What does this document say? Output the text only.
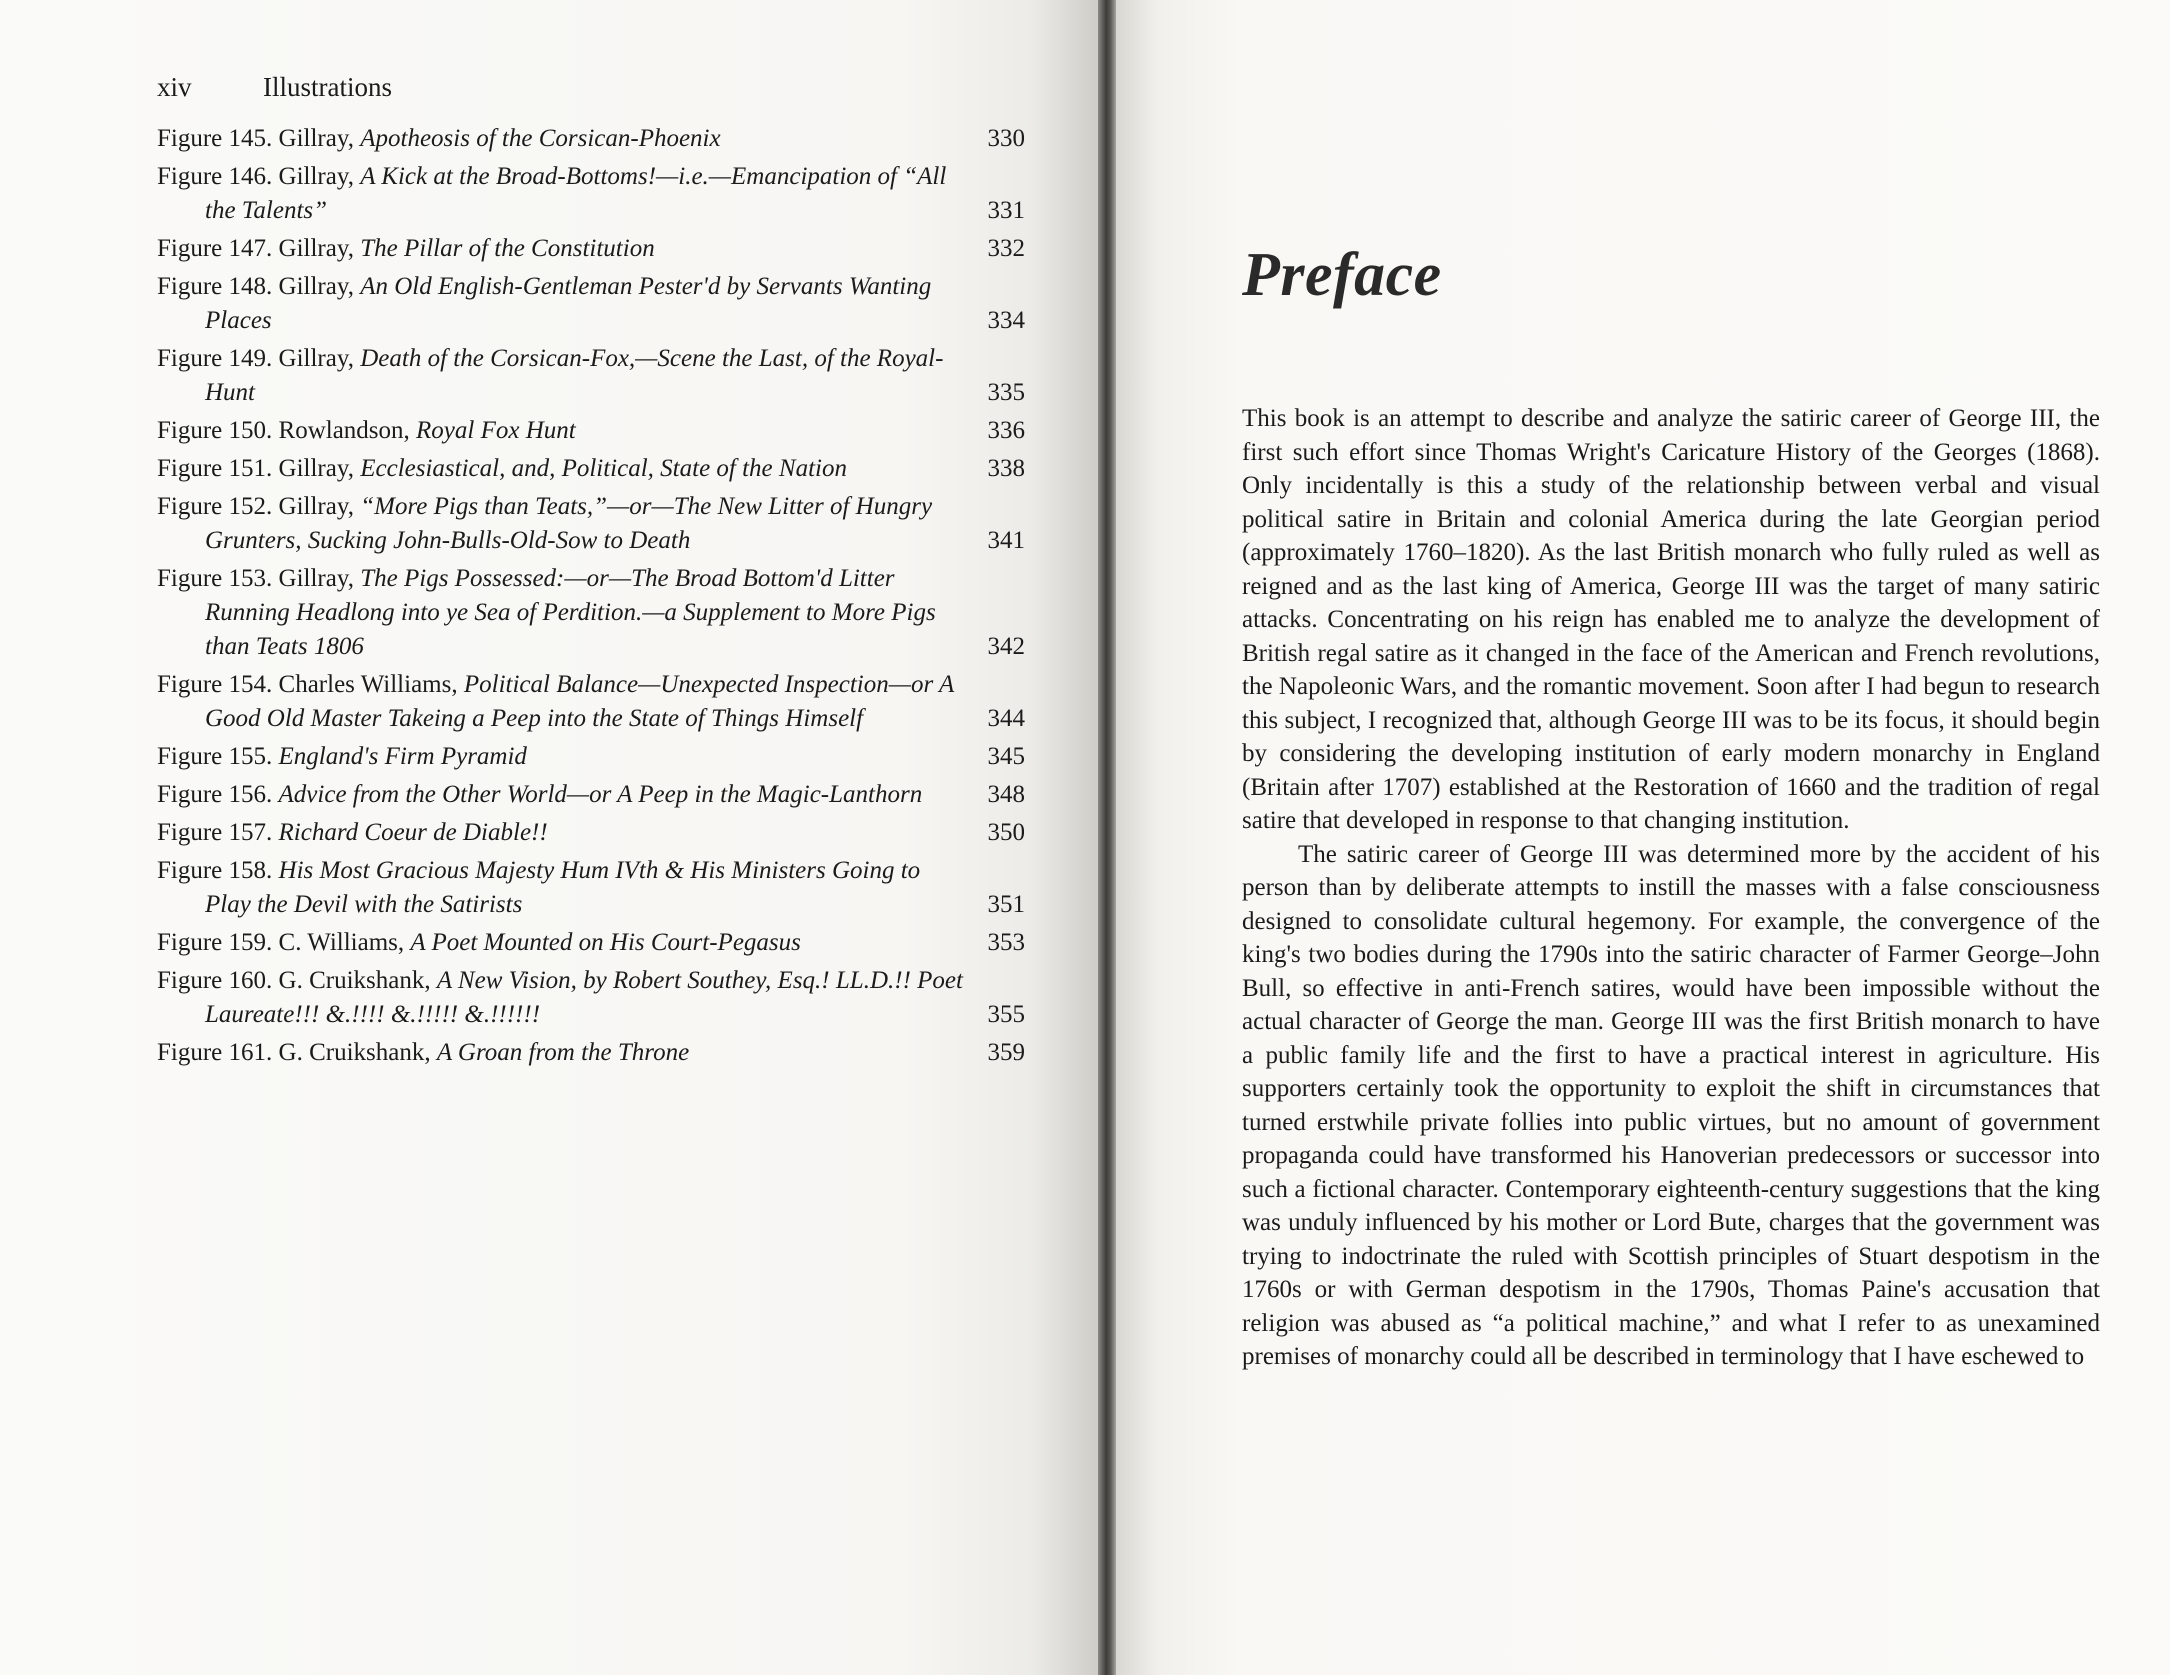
xiv	Illustrations
Figure 145. Gillray, Apotheosis of the Corsican-Phoenix	330
Figure 146. Gillray, A Kick at the Broad-Bottoms!—i.e.—Emancipation of “All the Talents”	331
Figure 147. Gillray, The Pillar of the Constitution	332
Figure 148. Gillray, An Old English-Gentleman Pester'd by Servants Wanting Places	334
Figure 149. Gillray, Death of the Corsican-Fox,—Scene the Last, of the Royal-Hunt	335
Figure 150. Rowlandson, Royal Fox Hunt	336
Figure 151. Gillray, Ecclesiastical, and, Political, State of the Nation	338
Figure 152. Gillray, “More Pigs than Teats,”—or—The New Litter of Hungry Grunters, Sucking John-Bulls-Old-Sow to Death	341
Figure 153. Gillray, The Pigs Possessed:—or—The Broad Bottom'd Litter Running Headlong into ye Sea of Perdition.—a Supplement to More Pigs than Teats 1806	342
Figure 154. Charles Williams, Political Balance—Unexpected Inspection—or A Good Old Master Takeing a Peep into the State of Things Himself	344
Figure 155. England's Firm Pyramid	345
Figure 156. Advice from the Other World—or A Peep in the Magic-Lanthorn	348
Figure 157. Richard Coeur de Diable!!	350
Figure 158. His Most Gracious Majesty Hum IVth & His Ministers Going to Play the Devil with the Satirists	351
Figure 159. C. Williams, A Poet Mounted on His Court-Pegasus	353
Figure 160. G. Cruikshank, A New Vision, by Robert Southey, Esq.! LL.D.!! Poet Laureate!!! &.!!!! &.!!!!! &.!!!!!!	355
Figure 161. G. Cruikshank, A Groan from the Throne	359
Preface

This book is an attempt to describe and analyze the satiric career of George III, the first such effort since Thomas Wright's Caricature History of the Georges (1868). Only incidentally is this a study of the relationship between verbal and visual political satire in Britain and colonial America during the late Georgian period (approximately 1760–1820). As the last British monarch who fully ruled as well as reigned and as the last king of America, George III was the target of many satiric attacks. Concentrating on his reign has enabled me to analyze the development of British regal satire as it changed in the face of the American and French revolutions, the Napoleonic Wars, and the romantic movement. Soon after I had begun to research this subject, I recognized that, although George III was to be its focus, it should begin by considering the developing institution of early modern monarchy in England (Britain after 1707) established at the Restoration of 1660 and the tradition of regal satire that developed in response to that changing institution.

The satiric career of George III was determined more by the accident of his person than by deliberate attempts to instill the masses with a false consciousness designed to consolidate cultural hegemony. For example, the convergence of the king's two bodies during the 1790s into the satiric character of Farmer George–John Bull, so effective in anti-French satires, would have been impossible without the actual character of George the man. George III was the first British monarch to have a public family life and the first to have a practical interest in agriculture. His supporters certainly took the opportunity to exploit the shift in circumstances that turned erstwhile private follies into public virtues, but no amount of government propaganda could have transformed his Hanoverian predecessors or successor into such a fictional character. Contemporary eighteenth-century suggestions that the king was unduly influenced by his mother or Lord Bute, charges that the government was trying to indoctrinate the ruled with Scottish principles of Stuart despotism in the 1760s or with German despotism in the 1790s, Thomas Paine's accusation that religion was abused as “a political machine,” and what I refer to as unexamined premises of monarchy could all be described in terminology that I have eschewed to
